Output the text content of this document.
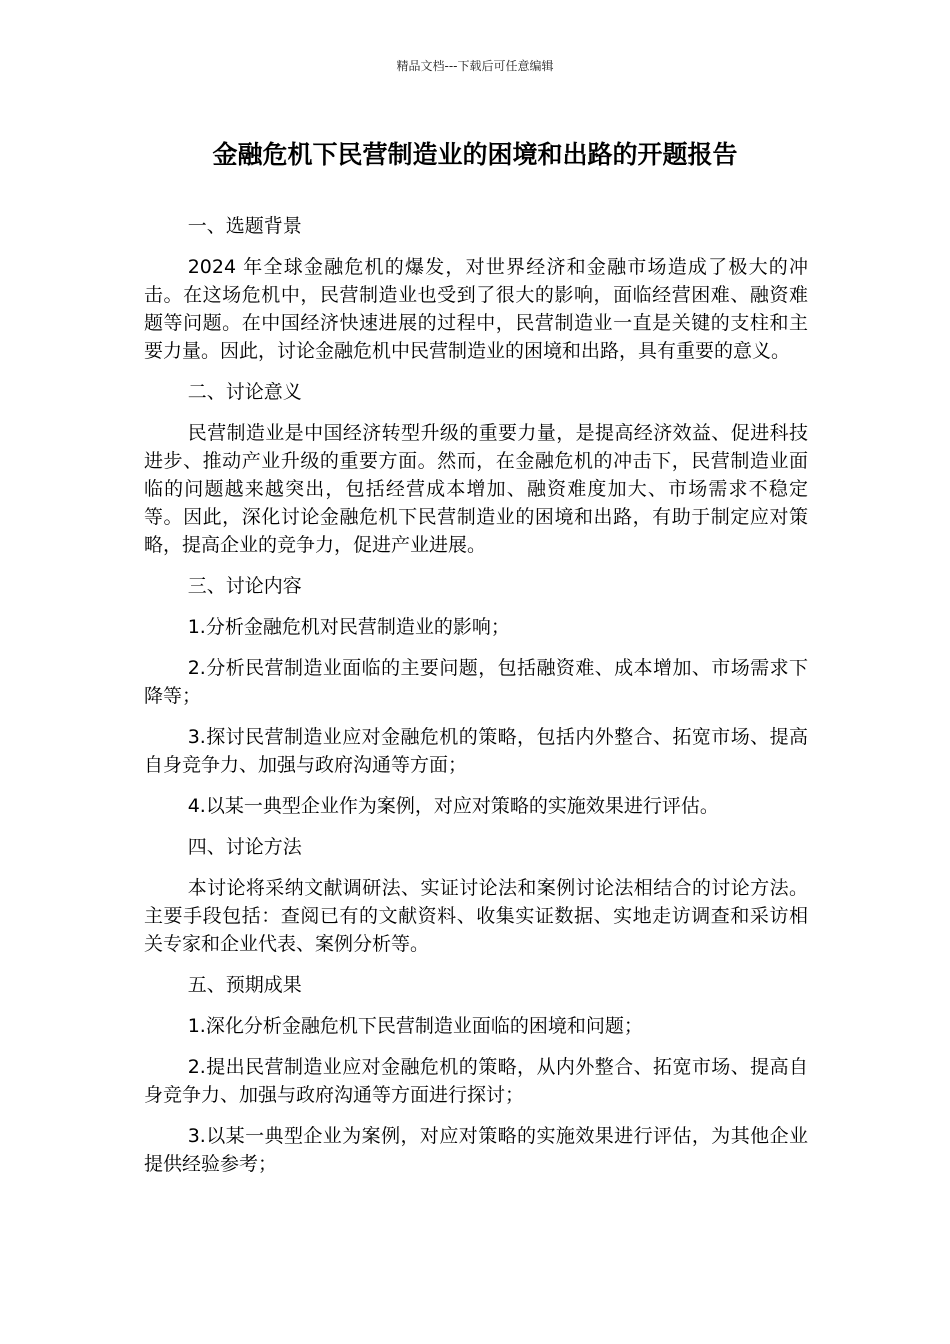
精品文档---下载后可任意编辑
金融危机下民营制造业的困境和出路的开题报告

一、选题背景

2024 年全球金融危机的爆发，对世界经济和金融市场造成了极大的冲击。在这场危机中，民营制造业也受到了很大的影响，面临经营困难、融资难题等问题。在中国经济快速进展的过程中，民营制造业一直是关键的支柱和主要力量。因此，讨论金融危机中民营制造业的困境和出路，具有重要的意义。

二、讨论意义

民营制造业是中国经济转型升级的重要力量，是提高经济效益、促进科技进步、推动产业升级的重要方面。然而，在金融危机的冲击下，民营制造业面临的问题越来越突出，包括经营成本增加、融资难度加大、市场需求不稳定等。因此，深化讨论金融危机下民营制造业的困境和出路，有助于制定应对策略，提高企业的竞争力，促进产业进展。

三、讨论内容

1.分析金融危机对民营制造业的影响；

2.分析民营制造业面临的主要问题，包括融资难、成本增加、市场需求下降等；

3.探讨民营制造业应对金融危机的策略，包括内外整合、拓宽市场、提高自身竞争力、加强与政府沟通等方面；

4.以某一典型企业作为案例，对应对策略的实施效果进行评估。

四、讨论方法

本讨论将采纳文献调研法、实证讨论法和案例讨论法相结合的讨论方法。主要手段包括：查阅已有的文献资料、收集实证数据、实地走访调查和采访相关专家和企业代表、案例分析等。

五、预期成果

1.深化分析金融危机下民营制造业面临的困境和问题；

2.提出民营制造业应对金融危机的策略，从内外整合、拓宽市场、提高自身竞争力、加强与政府沟通等方面进行探讨；

3.以某一典型企业为案例，对应对策略的实施效果进行评估，为其他企业提供经验参考；
